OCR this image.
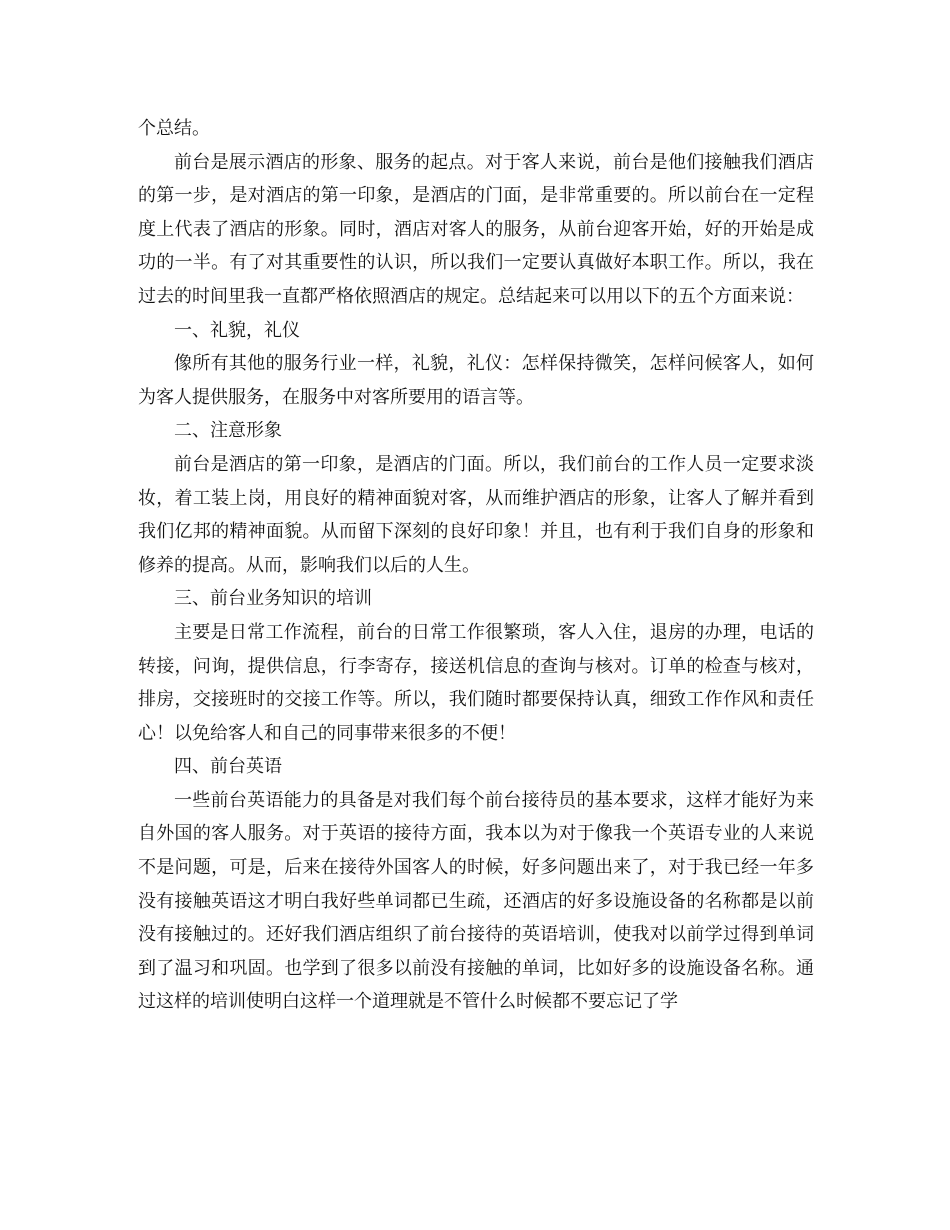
个总结。

前台是展示酒店的形象、服务的起点。对于客人来说，前台是他们接触我们酒店的第一步，是对酒店的第一印象，是酒店的门面，是非常重要的。所以前台在一定程度上代表了酒店的形象。同时，酒店对客人的服务，从前台迎客开始，好的开始是成功的一半。有了对其重要性的认识，所以我们一定要认真做好本职工作。所以，我在过去的时间里我一直都严格依照酒店的规定。总结起来可以用以下的五个方面来说：

一、礼貌，礼仪

像所有其他的服务行业一样，礼貌，礼仪：怎样保持微笑，怎样问候客人，如何为客人提供服务，在服务中对客所要用的语言等。

二、注意形象

前台是酒店的第一印象，是酒店的门面。所以，我们前台的工作人员一定要求淡妆，着工装上岗，用良好的精神面貌对客，从而维护酒店的形象，让客人了解并看到我们亿邦的精神面貌。从而留下深刻的良好印象！并且，也有利于我们自身的形象和修养的提高。从而，影响我们以后的人生。

三、前台业务知识的培训

主要是日常工作流程，前台的日常工作很繁琐，客人入住，退房的办理，电话的转接，问询，提供信息，行李寄存，接送机信息的查询与核对。订单的检查与核对，排房，交接班时的交接工作等。所以，我们随时都要保持认真，细致工作作风和责任心！以免给客人和自己的同事带来很多的不便！

四、前台英语

一些前台英语能力的具备是对我们每个前台接待员的基本要求，这样才能好为来自外国的客人服务。对于英语的接待方面，我本以为对于像我一个英语专业的人来说不是问题，可是，后来在接待外国客人的时候，好多问题出来了，对于我已经一年多没有接触英语这才明白我好些单词都已生疏，还酒店的好多设施设备的名称都是以前没有接触过的。还好我们酒店组织了前台接待的英语培训，使我对以前学过得到单词到了温习和巩固。也学到了很多以前没有接触的单词，比如好多的设施设备名称。通过这样的培训使明白这样一个道理就是不管什么时候都不要忘记了学
